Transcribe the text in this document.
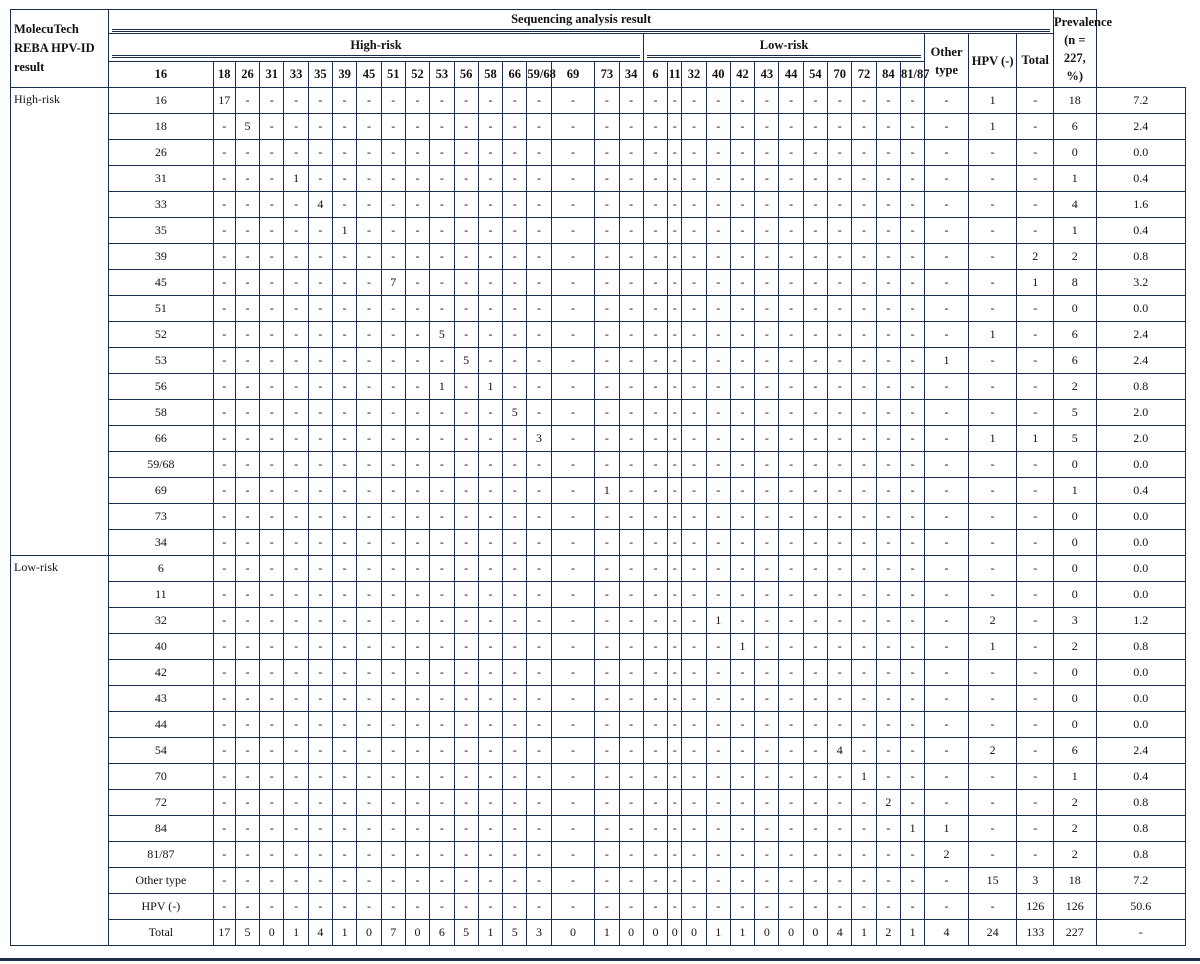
MolecuTech REBA HPV-ID result	Sequencing analysis result																																	Prevalence (n = 227, %)	

	High-risk																		Low-risk												Other type	HPV (-)	Total		
	16	18	26	31	33	35	39	45	51	52	53	56	58	66	59/68	69	73	34	6	11	32	40	42	43	44	54	70	72	84	81/87					
High-risk	16	17	-	-	-	-	-	-	-	-	-	-	-	-	-	-	-	-	-	-	-	-	-	-	-	-	-	-	-	-	-	1	-	18	7.2
	18	-	5	-	-	-	-	-	-	-	-	-	-	-	-	-	-	-	-	-	-	-	-	-	-	-	-	-	-	-	-	1	-	6	2.4
	26	-	-	-	-	-	-	-	-	-	-	-	-	-	-	-	-	-	-	-	-	-	-	-	-	-	-	-	-	-	-	-	-	0	0.0
	31	-	-	-	1	-	-	-	-	-	-	-	-	-	-	-	-	-	-	-	-	-	-	-	-	-	-	-	-	-	-	-	-	1	0.4
	33	-	-	-	-	4	-	-	-	-	-	-	-	-	-	-	-	-	-	-	-	-	-	-	-	-	-	-	-	-	-	-	-	4	1.6
	35	-	-	-	-	-	1	-	-	-	-	-	-	-	-	-	-	-	-	-	-	-	-	-	-	-	-	-	-	-	-	-	-	1	0.4
	39	-	-	-	-	-	-	-	-	-	-	-	-	-	-	-	-	-	-	-	-	-	-	-	-	-	-	-	-	-	-	-	2	2	0.8
	45	-	-	-	-	-	-	-	7	-	-	-	-	-	-	-	-	-	-	-	-	-	-	-	-	-	-	-	-	-	-	-	1	8	3.2
	51	-	-	-	-	-	-	-	-	-	-	-	-	-	-	-	-	-	-	-	-	-	-	-	-	-	-	-	-	-	-	-	-	0	0.0
	52	-	-	-	-	-	-	-	-	-	5	-	-	-	-	-	-	-	-	-	-	-	-	-	-	-	-	-	-	-	-	1	-	6	2.4
	53	-	-	-	-	-	-	-	-	-	-	5	-	-	-	-	-	-	-	-	-	-	-	-	-	-	-	-	-	-	1	-	-	6	2.4
	56	-	-	-	-	-	-	-	-	-	1	-	1	-	-	-	-	-	-	-	-	-	-	-	-	-	-	-	-	-	-	-	-	2	0.8
	58	-	-	-	-	-	-	-	-	-	-	-	-	5	-	-	-	-	-	-	-	-	-	-	-	-	-	-	-	-	-	-	-	5	2.0
	66	-	-	-	-	-	-	-	-	-	-	-	-	-	3	-	-	-	-	-	-	-	-	-	-	-	-	-	-	-	-	1	1	5	2.0
	59/68	-	-	-	-	-	-	-	-	-	-	-	-	-	-	-	-	-	-	-	-	-	-	-	-	-	-	-	-	-	-	-	-	0	0.0
	69	-	-	-	-	-	-	-	-	-	-	-	-	-	-	-	1	-	-	-	-	-	-	-	-	-	-	-	-	-	-	-	-	1	0.4
	73	-	-	-	-	-	-	-	-	-	-	-	-	-	-	-	-	-	-	-	-	-	-	-	-	-	-	-	-	-	-	-	-	0	0.0
	34	-	-	-	-	-	-	-	-	-	-	-	-	-	-	-	-	-	-	-	-	-	-	-	-	-	-	-	-	-	-	-	-	0	0.0
Low-risk	6	-	-	-	-	-	-	-	-	-	-	-	-	-	-	-	-	-	-	-	-	-	-	-	-	-	-	-	-	-	-	-	-	0	0.0
	11	-	-	-	-	-	-	-	-	-	-	-	-	-	-	-	-	-	-	-	-	-	-	-	-	-	-	-	-	-	-	-	-	0	0.0
	32	-	-	-	-	-	-	-	-	-	-	-	-	-	-	-	-	-	-	-	-	1	-	-	-	-	-	-	-	-	-	2	-	3	1.2
	40	-	-	-	-	-	-	-	-	-	-	-	-	-	-	-	-	-	-	-	-	-	1	-	-	-	-	-	-	-	-	1	-	2	0.8
	42	-	-	-	-	-	-	-	-	-	-	-	-	-	-	-	-	-	-	-	-	-	-	-	-	-	-	-	-	-	-	-	-	0	0.0
	43	-	-	-	-	-	-	-	-	-	-	-	-	-	-	-	-	-	-	-	-	-	-	-	-	-	-	-	-	-	-	-	-	0	0.0
	44	-	-	-	-	-	-	-	-	-	-	-	-	-	-	-	-	-	-	-	-	-	-	-	-	-	-	-	-	-	-	-	-	0	0.0
	54	-	-	-	-	-	-	-	-	-	-	-	-	-	-	-	-	-	-	-	-	-	-	-	-	-	4	-	-	-	-	2	-	6	2.4
	70	-	-	-	-	-	-	-	-	-	-	-	-	-	-	-	-	-	-	-	-	-	-	-	-	-	-	1	-	-	-	-	-	1	0.4
	72	-	-	-	-	-	-	-	-	-	-	-	-	-	-	-	-	-	-	-	-	-	-	-	-	-	-	-	2	-	-	-	-	2	0.8
	84	-	-	-	-	-	-	-	-	-	-	-	-	-	-	-	-	-	-	-	-	-	-	-	-	-	-	-	-	1	1	-	-	2	0.8
	81/87	-	-	-	-	-	-	-	-	-	-	-	-	-	-	-	-	-	-	-	-	-	-	-	-	-	-	-	-	-	2	-	-	2	0.8
	Other type	-	-	-	-	-	-	-	-	-	-	-	-	-	-	-	-	-	-	-	-	-	-	-	-	-	-	-	-	-	-	15	3	18	7.2
	HPV (-)	-	-	-	-	-	-	-	-	-	-	-	-	-	-	-	-	-	-	-	-	-	-	-	-	-	-	-	-	-	-	-	126	126	50.6
	Total	17	5	0	1	4	1	0	7	0	6	5	1	5	3	0	1	0	0	0	0	1	1	0	0	0	4	1	2	1	4	24	133	227	-
